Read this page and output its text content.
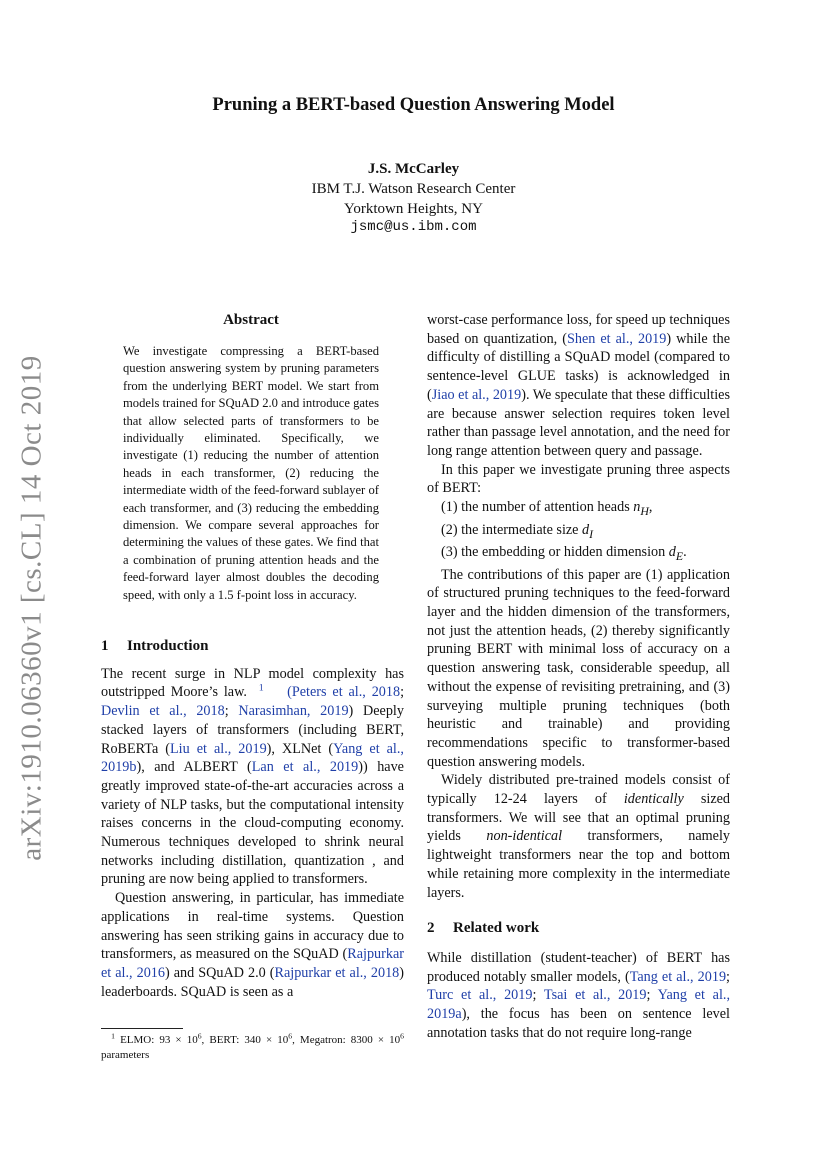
Pruning a BERT-based Question Answering Model
J.S. McCarley
IBM T.J. Watson Research Center
Yorktown Heights, NY
jsmc@us.ibm.com
arXiv:1910.06360v1 [cs.CL] 14 Oct 2019
Abstract
We investigate compressing a BERT-based question answering system by pruning parameters from the underlying BERT model. We start from models trained for SQuAD 2.0 and introduce gates that allow selected parts of transformers to be individually eliminated. Specifically, we investigate (1) reducing the number of attention heads in each transformer, (2) reducing the intermediate width of the feed-forward sublayer of each transformer, and (3) reducing the embedding dimension. We compare several approaches for determining the values of these gates. We find that a combination of pruning attention heads and the feed-forward layer almost doubles the decoding speed, with only a 1.5 f-point loss in accuracy.
1 Introduction

The recent surge in NLP model complexity has outstripped Moore’s law. $^1$ (Peters et al., 2018; Devlin et al., 2018; Narasimhan, 2019) Deeply stacked layers of transformers (including BERT, RoBERTa (Liu et al., 2019), XLNet (Yang et al., 2019b), and ALBERT (Lan et al., 2019)) have greatly improved state-of-the-art accuracies across a variety of NLP tasks, but the computational intensity raises concerns in the cloud-computing economy. Numerous techniques developed to shrink neural networks including distillation, quantization , and pruning are now being applied to transformers.

Question answering, in particular, has immediate applications in real-time systems. Question answering has seen striking gains in accuracy due to transformers, as measured on the SQuAD (Rajpurkar et al., 2016) and SQuAD 2.0 (Rajpurkar et al., 2018) leaderboards. SQuAD is seen as a

$^1$ ELMO: $93 \times 10^6$, BERT: $340 \times 10^6$, Megatron: $8300 \times 10^6$ parameters

worst-case performance loss, for speed up techniques based on quantization, (Shen et al., 2019) while the difficulty of distilling a SQuAD model (compared to sentence-level GLUE tasks) is acknowledged in (Jiao et al., 2019). We speculate that these difficulties are because answer selection requires token level rather than passage level annotation, and the need for long range attention between query and passage.

In this paper we investigate pruning three aspects of BERT:

(1) the number of attention heads $n_H$,

(2) the intermediate size $d_I$

(3) the embedding or hidden dimension $d_E$.

The contributions of this paper are (1) application of structured pruning techniques to the feed-forward layer and the hidden dimension of the transformers, not just the attention heads, (2) thereby significantly pruning BERT with minimal loss of accuracy on a question answering task, considerable speedup, all without the expense of revisiting pretraining, and (3) surveying multiple pruning techniques (both heuristic and trainable) and providing recommendations specific to transformer-based question answering models.

Widely distributed pre-trained models consist of typically 12-24 layers of identically sized transformers. We will see that an optimal pruning yields non-identical transformers, namely lightweight transformers near the top and bottom while retaining more complexity in the intermediate layers.

2 Related work

While distillation (student-teacher) of BERT has produced notably smaller models, (Tang et al., 2019; Turc et al., 2019; Tsai et al., 2019; Yang et al., 2019a), the focus has been on sentence level annotation tasks that do not require long-range
